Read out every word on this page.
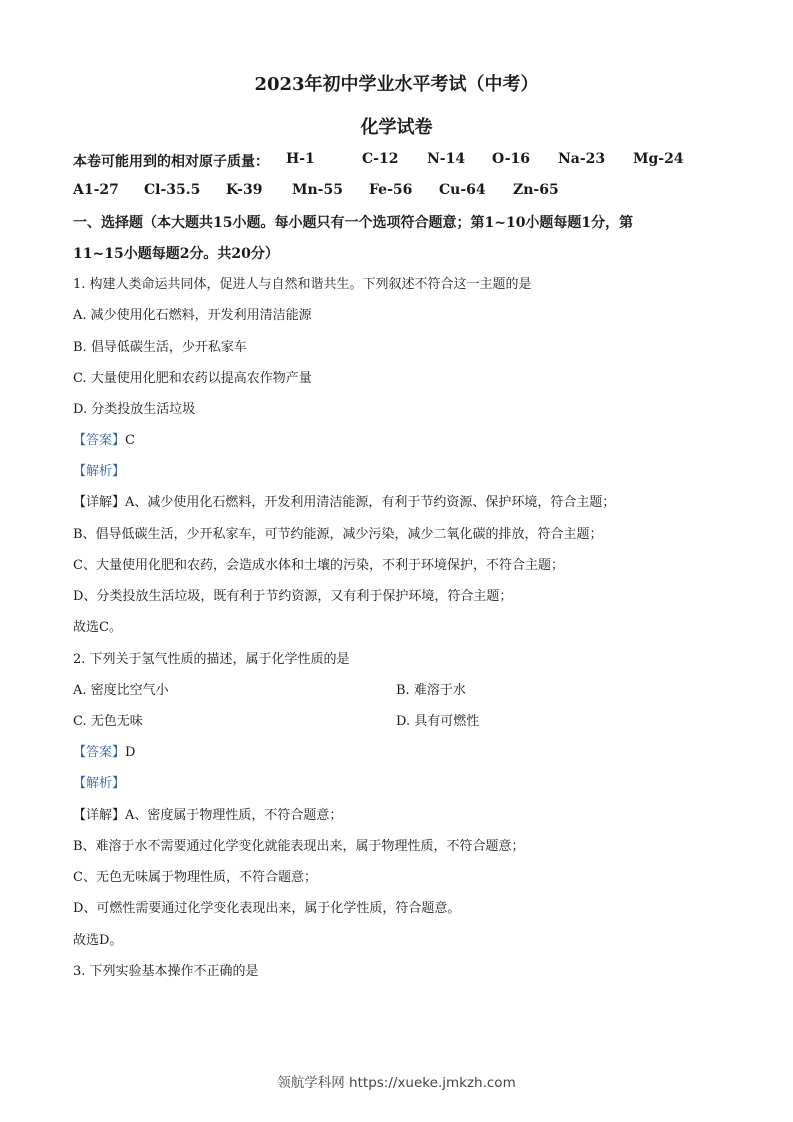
2023年初中学业水平考试（中考）
化学试卷
本卷可能用到的相对原子质量： H-1	C-12 N-14 O-16 Na-23 Mg-24
A1-27 Cl-35.5 K-39 Mn-55 Fe-56 Cu-64 Zn-65
一、选择题（本大题共15小题。每小题只有一个选项符合题意；第1~10小题每题1分，第
11~15小题每题2分。共20分）
1. 构建人类命运共同体，促进人与自然和谐共生。下列叙述不符合这一主题的是
A. 减少使用化石燃料，开发利用清洁能源
B. 倡导低碳生活，少开私家车
C. 大量使用化肥和农药以提高农作物产量
D. 分类投放生活垃圾
【答案】C
【解析】
【详解】A、减少使用化石燃料，开发利用清洁能源，有利于节约资源、保护环境，符合主题；
B、倡导低碳生活，少开私家车，可节约能源，减少污染，减少二氧化碳的排放，符合主题；
C、大量使用化肥和农药，会造成水体和土壤的污染，不利于环境保护，不符合主题；
D、分类投放生活垃圾，既有利于节约资源，又有利于保护环境，符合主题；
故选C。
2. 下列关于氢气性质的描述，属于化学性质的是
A. 密度比空气小	B. 难溶于水
C. 无色无味	D. 具有可燃性
【答案】D
【解析】
【详解】A、密度属于物理性质，不符合题意；
B、难溶于水不需要通过化学变化就能表现出来，属于物理性质，不符合题意；
C、无色无味属于物理性质，不符合题意；
D、可燃性需要通过化学变化表现出来，属于化学性质，符合题意。
故选D。
3. 下列实验基本操作不正确的是
领航学科网 https://xueke.jmkzh.com
